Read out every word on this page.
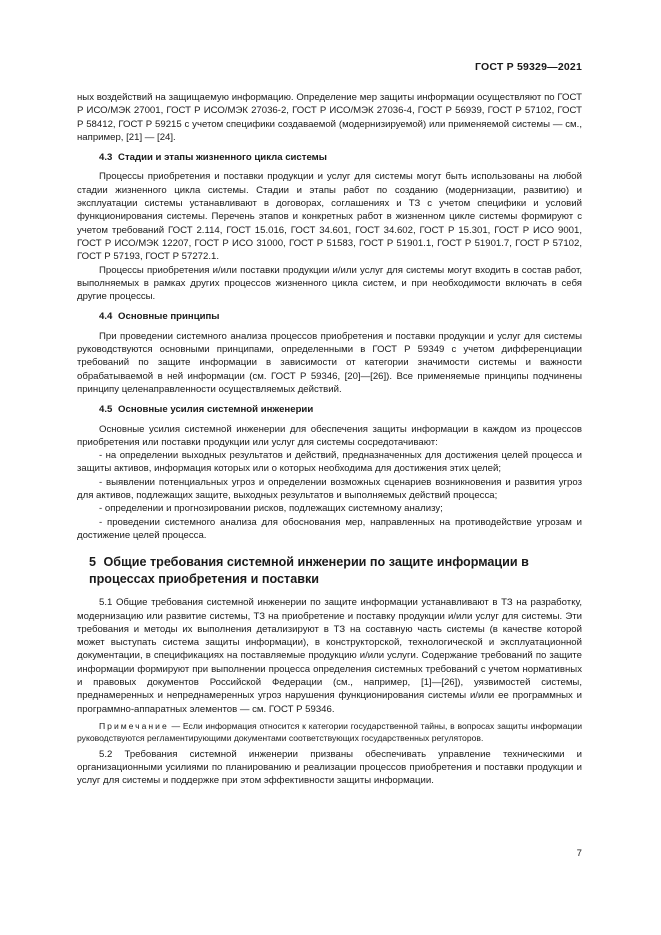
ГОСТ Р 59329—2021

ных воздействий на защищаемую информацию. Определение мер защиты информации осуществляют по ГОСТ Р ИСО/МЭК 27001, ГОСТ Р ИСО/МЭК 27036-2, ГОСТ Р ИСО/МЭК 27036-4, ГОСТ Р 56939, ГОСТ Р 57102, ГОСТ Р 58412, ГОСТ Р 59215 с учетом специфики создаваемой (модернизируемой) или применяемой системы — см., например, [21] — [24].

4.3 Стадии и этапы жизненного цикла системы

Процессы приобретения и поставки продукции и услуг для системы могут быть использованы на любой стадии жизненного цикла системы. Стадии и этапы работ по созданию (модернизации, развитию) и эксплуатации системы устанавливают в договорах, соглашениях и ТЗ с учетом специфики и условий функционирования системы. Перечень этапов и конкретных работ в жизненном цикле системы формируют с учетом требований ГОСТ 2.114, ГОСТ 15.016, ГОСТ 34.601, ГОСТ 34.602, ГОСТ Р 15.301, ГОСТ Р ИСО 9001, ГОСТ Р ИСО/МЭК 12207, ГОСТ Р ИСО 31000, ГОСТ Р 51583, ГОСТ Р 51901.1, ГОСТ Р 51901.7, ГОСТ Р 57102, ГОСТ Р 57193, ГОСТ Р 57272.1.

Процессы приобретения и/или поставки продукции и/или услуг для системы могут входить в состав работ, выполняемых в рамках других процессов жизненного цикла систем, и при необходимости включать в себя другие процессы.

4.4 Основные принципы

При проведении системного анализа процессов приобретения и поставки продукции и услуг для системы руководствуются основными принципами, определенными в ГОСТ Р 59349 с учетом дифференциации требований по защите информации в зависимости от категории значимости системы и важности обрабатываемой в ней информации (см. ГОСТ Р 59346, [20]—[26]). Все применяемые принципы подчинены принципу целенаправленности осуществляемых действий.

4.5 Основные усилия системной инженерии

Основные усилия системной инженерии для обеспечения защиты информации в каждом из процессов приобретения или поставки продукции или услуг для системы сосредотачивают:

- на определении выходных результатов и действий, предназначенных для достижения целей процесса и защиты активов, информация которых или о которых необходима для достижения этих целей;

- выявлении потенциальных угроз и определении возможных сценариев возникновения и развития угроз для активов, подлежащих защите, выходных результатов и выполняемых действий процесса;

- определении и прогнозировании рисков, подлежащих системному анализу;

- проведении системного анализа для обоснования мер, направленных на противодействие угрозам и достижение целей процесса.

5 Общие требования системной инженерии по защите информации в процессах приобретения и поставки

5.1 Общие требования системной инженерии по защите информации устанавливают в ТЗ на разработку, модернизацию или развитие системы, ТЗ на приобретение и поставку продукции и/или услуг для системы. Эти требования и методы их выполнения детализируют в ТЗ на составную часть системы (в качестве которой может выступать система защиты информации), в конструкторской, технологической и эксплуатационной документации, в спецификациях на поставляемые продукцию и/или услуги. Содержание требований по защите информации формируют при выполнении процесса определения системных требований с учетом нормативных и правовых документов Российской Федерации (см., например, [1]—[26]), уязвимостей системы, преднамеренных и непреднамеренных угроз нарушения функционирования системы и/или ее программных и программно-аппаратных элементов — см. ГОСТ Р 59346.

Примечание — Если информация относится к категории государственной тайны, в вопросах защиты информации руководствуются регламентирующими документами соответствующих государственных регуляторов.

5.2 Требования системной инженерии призваны обеспечивать управление техническими и организационными усилиями по планированию и реализации процессов приобретения и поставки продукции и услуг для системы и поддержке при этом эффективности защиты информации.

7
